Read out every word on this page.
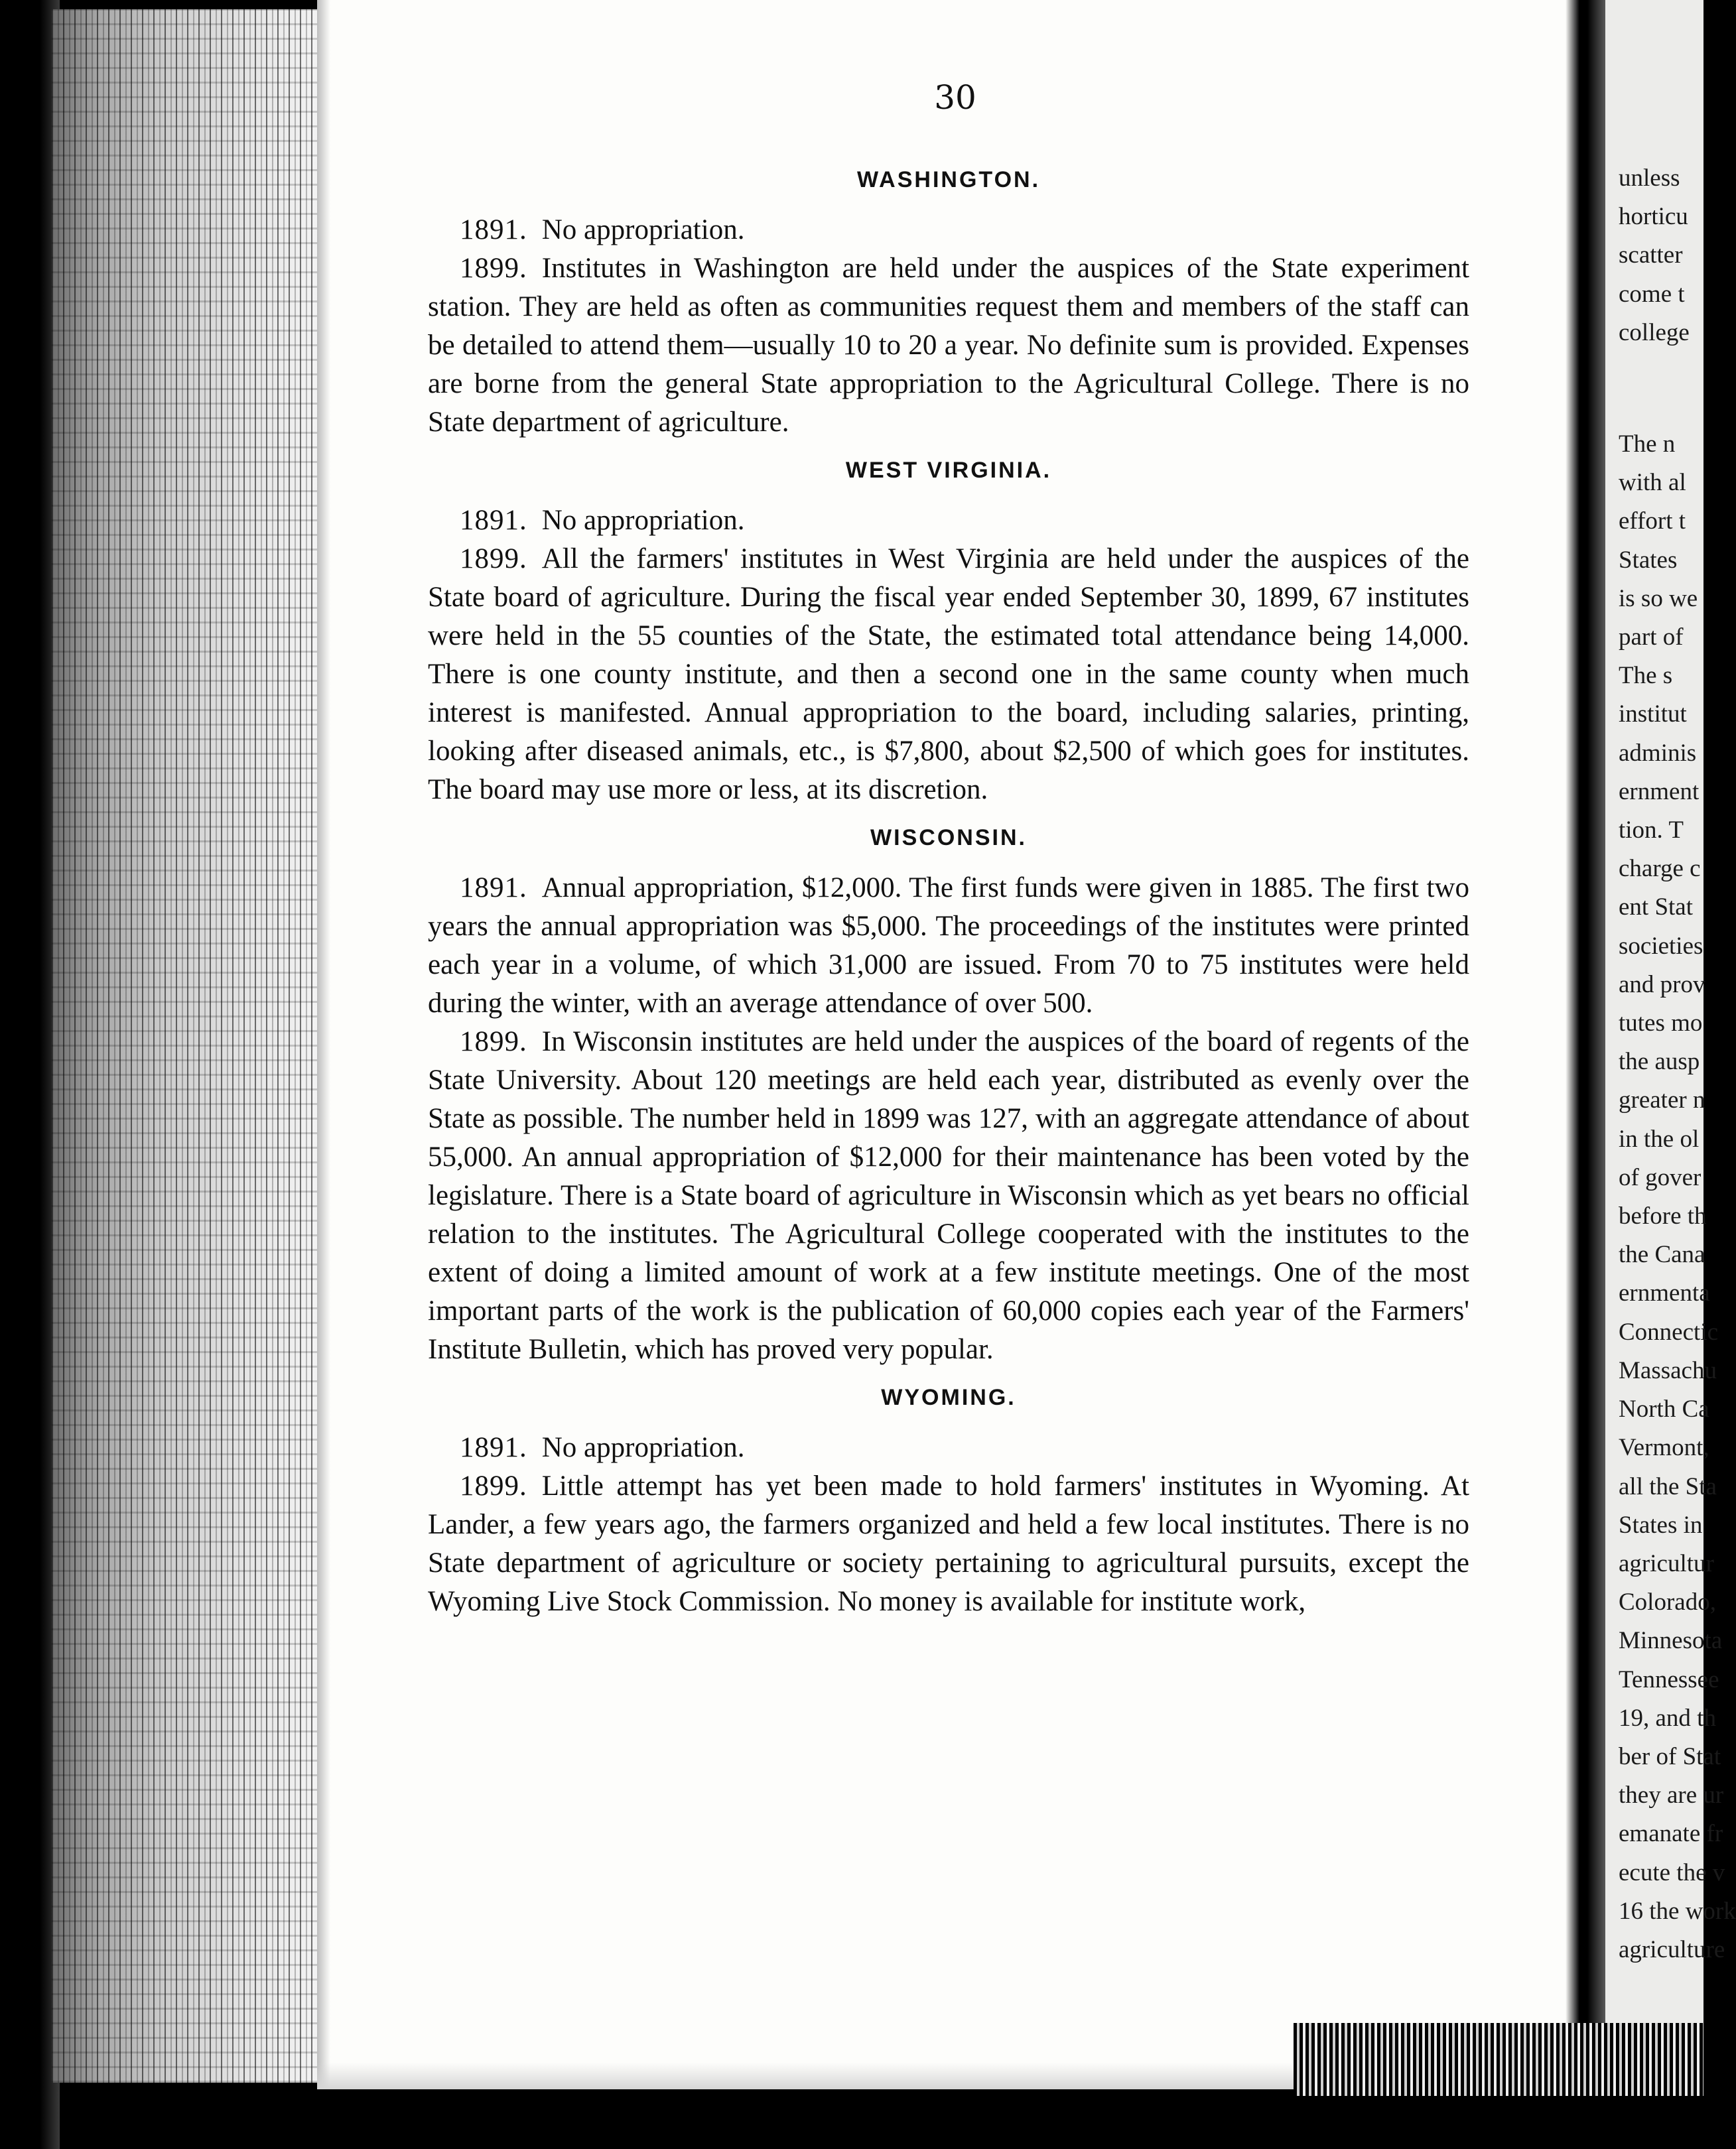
unless
horticu
scatter
come t
college
The n
with al
effort t
States
is so we
part of
The s
institut
adminis
ernment
tion. T
charge c
ent Stat
societies
and prov
tutes mo
the ausp
greater n
in the ol
of gover
before th
the Cana
ernmenta
Connectic
Massachu
North Ca
Vermont,
all the Sta
States in
agricultur
Colorado,
Minnesota
Tennessee
19, and th
ber of Stat
they are ur
emanate fr
ecute the v
16 the work
agriculture
30
WASHINGTON.

1891. No appropriation.

1899. Institutes in Washington are held under the auspices of the State experiment station. They are held as often as communities request them and members of the staff can be detailed to attend them—usually 10 to 20 a year. No definite sum is provided. Expenses are borne from the general State appropriation to the Agricultural College. There is no State department of agriculture.

WEST VIRGINIA.

1891. No appropriation.

1899. All the farmers' institutes in West Virginia are held under the auspices of the State board of agriculture. During the fiscal year ended September 30, 1899, 67 institutes were held in the 55 counties of the State, the estimated total attendance being 14,000. There is one county institute, and then a second one in the same county when much interest is manifested. Annual appropriation to the board, including salaries, printing, looking after diseased animals, etc., is $7,800, about $2,500 of which goes for institutes. The board may use more or less, at its discretion.

WISCONSIN.

1891. Annual appropriation, $12,000. The first funds were given in 1885. The first two years the annual appropriation was $5,000. The proceedings of the institutes were printed each year in a volume, of which 31,000 are issued. From 70 to 75 institutes were held during the winter, with an average attendance of over 500.

1899. In Wisconsin institutes are held under the auspices of the board of regents of the State University. About 120 meetings are held each year, distributed as evenly over the State as possible. The number held in 1899 was 127, with an aggregate attendance of about 55,000. An annual appropriation of $12,000 for their maintenance has been voted by the legislature. There is a State board of agriculture in Wisconsin which as yet bears no official relation to the institutes. The Agricultural College cooperated with the institutes to the extent of doing a limited amount of work at a few institute meetings. One of the most important parts of the work is the publication of 60,000 copies each year of the Farmers' Institute Bulletin, which has proved very popular.

WYOMING.

1891. No appropriation.

1899. Little attempt has yet been made to hold farmers' institutes in Wyoming. At Lander, a few years ago, the farmers organized and held a few local institutes. There is no State department of agriculture or society pertaining to agricultural pursuits, except the Wyoming Live Stock Commission. No money is available for institute work,
